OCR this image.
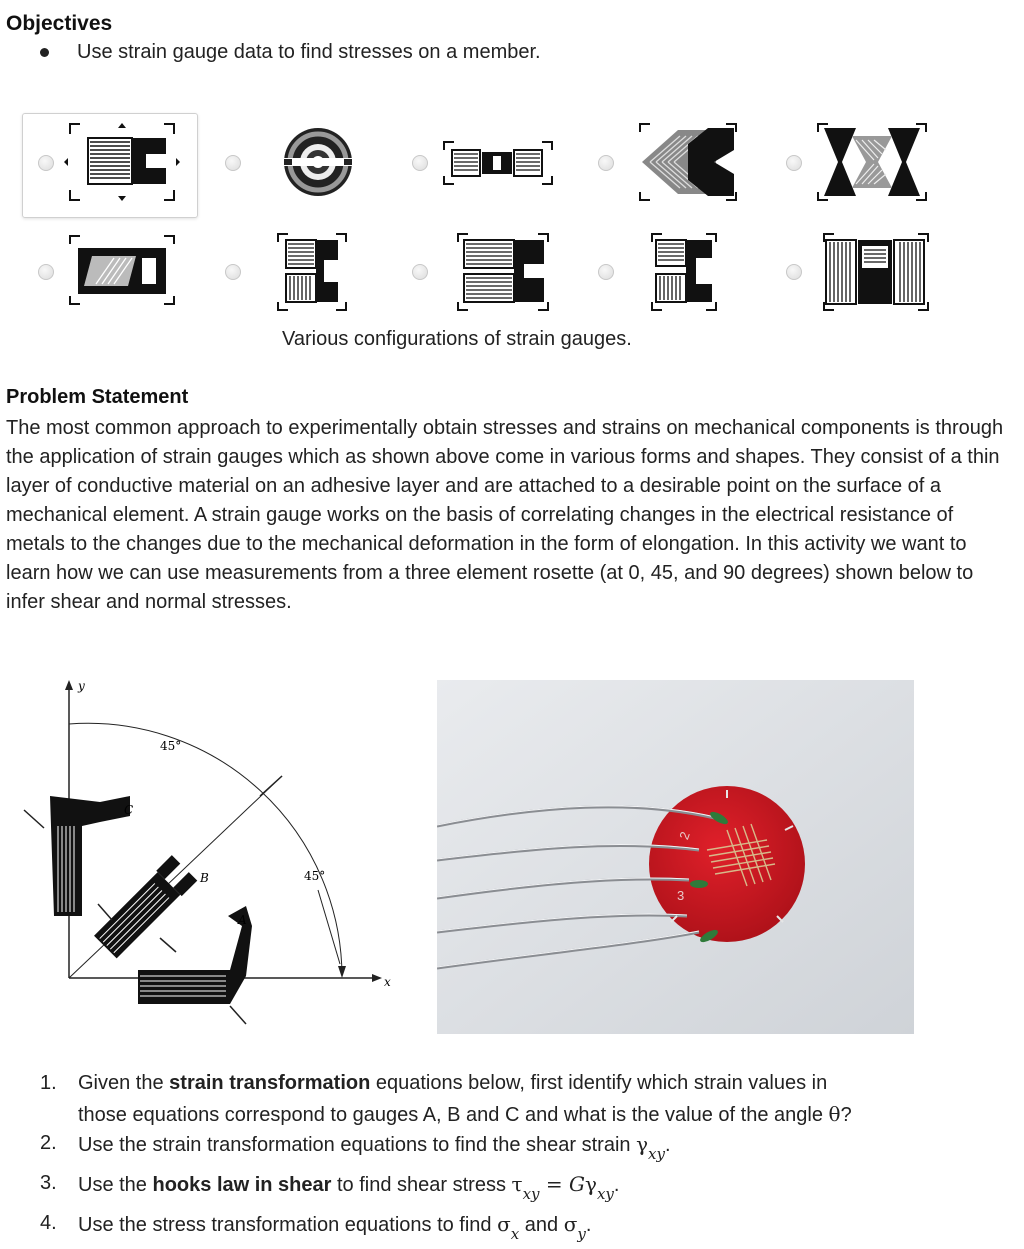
Objectives
Use strain gauge data to find stresses on a member.
Various configurations of strain gauges.
Problem Statement

The most common approach to experimentally obtain stresses and strains on mechanical components is through the application of strain gauges which as shown above come in various forms and shapes. They consist of a thin layer of conductive material on an adhesive layer and are attached to a desirable point on the surface of a mechanical element. A strain gauge works on the basis of correlating changes in the electrical resistance of metals to the changes due to the mechanical deformation in the form of elongation. In this activity we want to learn how we can use measurements from a three element rosette (at 0, 45, and 90 degrees) shown below to infer shear and normal stresses.

y
x
45°
45°
C
B
A
2
3
1. Given the strain transformation equations below, first identify which strain values in
those equations correspond to gauges A, B and C and what is the value of the angle θ?
2. Use the strain transformation equations to find the shear strain $\gamma_{xy}$.
3. Use the hooks law in shear to find shear stress $\tau_{xy} = G\gamma_{xy}$.
4. Use the stress transformation equations to find $\sigma_x$ and $\sigma_y$.
